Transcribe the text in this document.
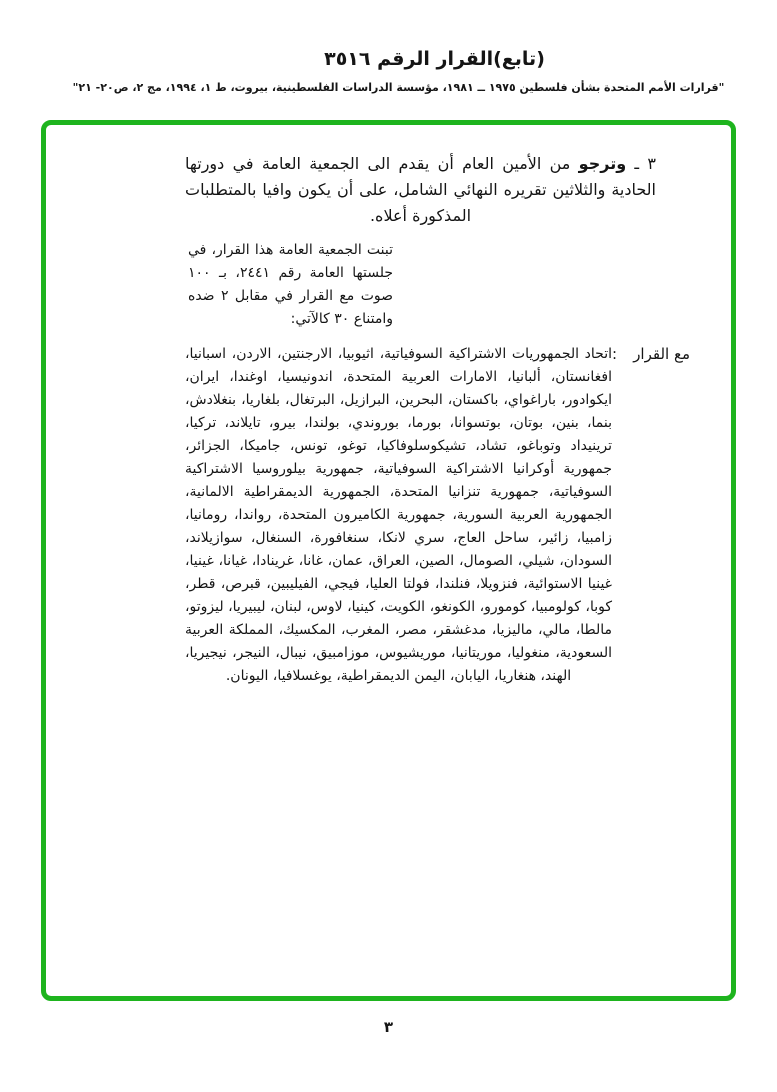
(تابع)القرار الرقم ٣٥١٦
"قرارات الأمم المتحدة بشأن فلسطين ١٩٧٥ ــ ١٩٨١، مؤسسة الدراسات الفلسطينية، بيروت، ط ١، ١٩٩٤، مج ٢، ص٢٠- ٢١"

٣ ـ وترجو من الأمين العام أن يقدم الى الجمعية العامة في دورتها الحادية والثلاثين تقريره النهائي الشامل، على أن يكون وافيا بالمتطلبات المذكورة أعلاه.

تبنت الجمعية العامة هذا القرار، في جلستها العامة رقم ٢٤٤١، بـ ١٠٠ صوت مع القرار في مقابل ٢ ضده وامتناع ٣٠ كالآتي:

مع القرار
:

اتحاد الجمهوريات الاشتراكية السوفياتية، اثيوبيا، الارجنتين، الاردن، اسبانيا، افغانستان، ألبانيا، الامارات العربية المتحدة، اندونيسيا، اوغندا، ايران، ايكوادور، باراغواي، باكستان، البحرين، البرازيل، البرتغال، بلغاريا، بنغلادش، بنما، بنين، بوتان، بوتسوانا، بورما، بوروندي، بولندا، بيرو، تايلاند، تركيا، ترينيداد وتوباغو، تشاد، تشيكوسلوفاكيا، توغو، تونس، جاميكا، الجزائر، جمهورية أوكرانيا الاشتراكية السوفياتية، جمهورية بيلوروسيا الاشتراكية السوفياتية، جمهورية تنزانيا المتحدة، الجمهورية الديمقراطية الالمانية، الجمهورية العربية السورية، جمهورية الكاميرون المتحدة، رواندا، رومانيا، زامبيا، زائير، ساحل العاج، سري لانكا، سنغافورة، السنغال، سوازيلاند، السودان، شيلي، الصومال، الصين، العراق، عمان، غانا، غرينادا، غيانا، غينيا، غينيا الاستوائية، فنزويلا، فنلندا، فولتا العليا، فيجي، الفيليبين، قبرص، قطر، كوبا، كولومبيا، كومورو، الكونغو، الكويت، كينيا، لاوس، لبنان، ليبيريا، ليزوتو، مالطا، مالي، ماليزيا، مدغشقر، مصر، المغرب، المكسيك، المملكة العربية السعودية، منغوليا، موريتانيا، موريشيوس، موزامبيق، نيبال، النيجر، نيجيريا، الهند، هنغاريا، اليابان، اليمن الديمقراطية، يوغسلافيا، اليونان.

٣
